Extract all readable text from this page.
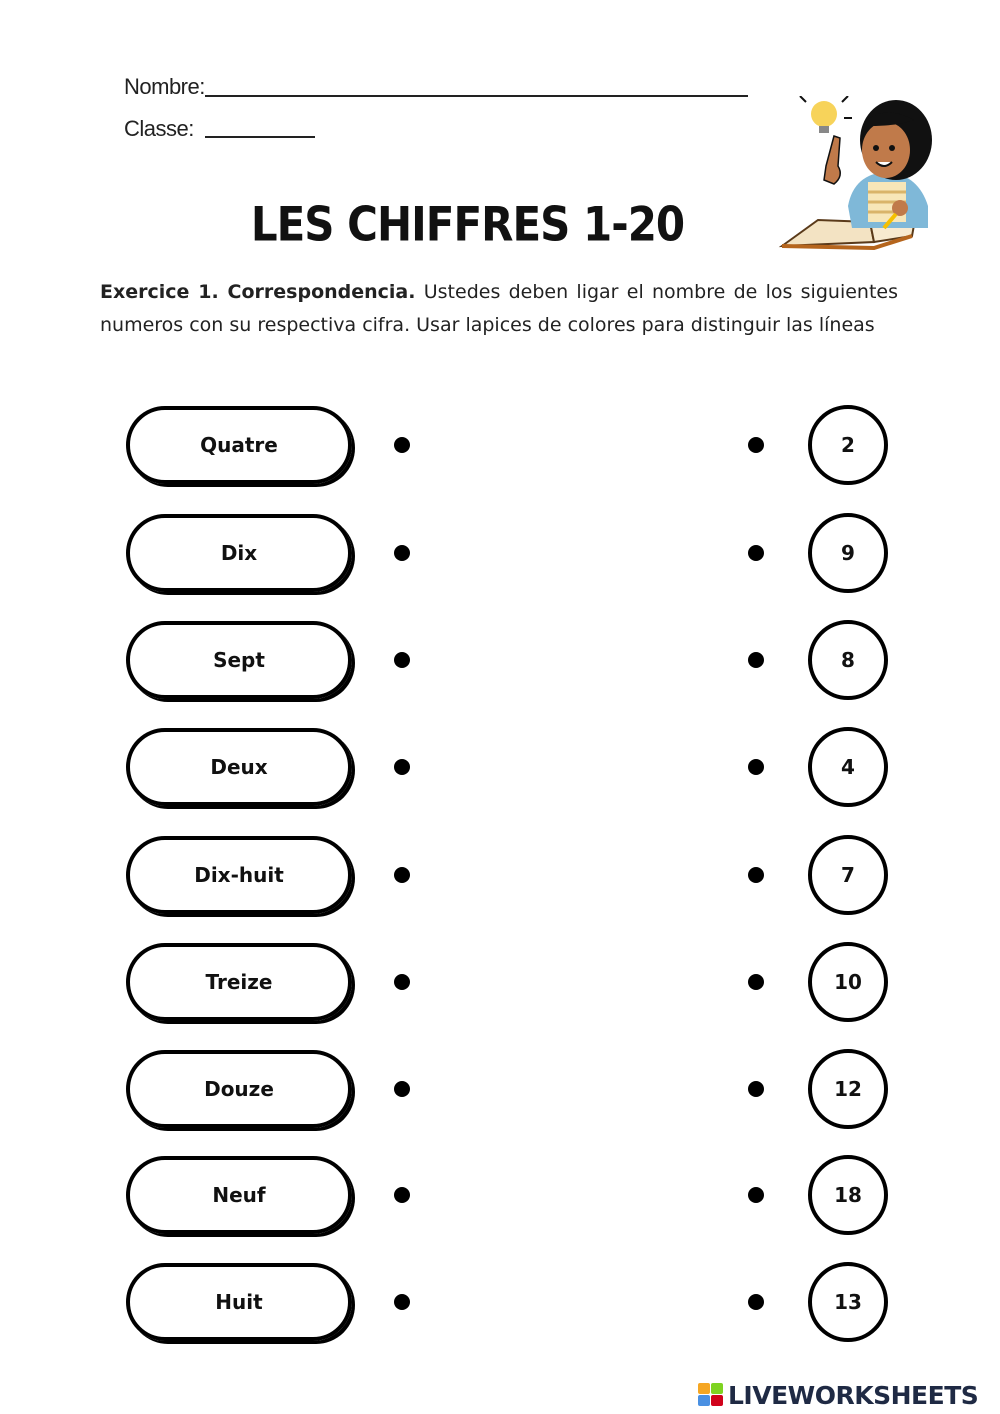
Nombre:
Classe:
LES CHIFFRES 1-20
Exercice 1. Correspondencia. Ustedes deben ligar el nombre de los siguientes numeros con su respectiva cifra. Usar lapices de colores para distinguir las líneas
Quatre	2
Dix	9
Sept	8
Deux	4
Dix-huit	7
Treize	10
Douze	12
Neuf	18
Huit	13
LIVEWORKSHEETS
